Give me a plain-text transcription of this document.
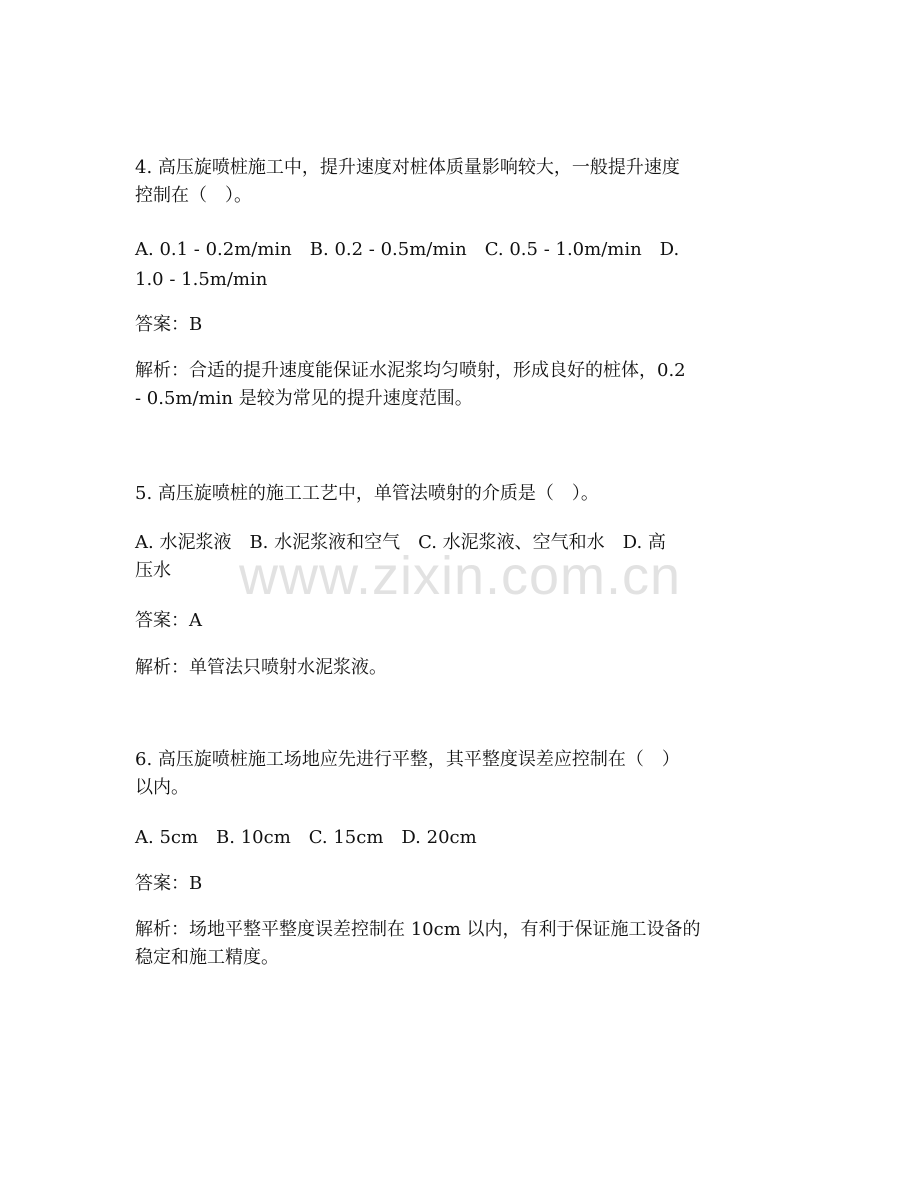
www.zixin.com.cn
4. 高压旋喷桩施工中，提升速度对桩体质量影响较大，一般提升速度
控制在（　）。
A. 0.1 - 0.2m/min　B. 0.2 - 0.5m/min　C. 0.5 - 1.0m/min　D.
1.0 - 1.5m/min
答案：B
解析：合适的提升速度能保证水泥浆均匀喷射，形成良好的桩体，0.2
- 0.5m/min 是较为常见的提升速度范围。
5. 高压旋喷桩的施工工艺中，单管法喷射的介质是（　）。
A. 水泥浆液　B. 水泥浆液和空气　C. 水泥浆液、空气和水　D. 高
压水
答案：A
解析：单管法只喷射水泥浆液。
6. 高压旋喷桩施工场地应先进行平整，其平整度误差应控制在（　）
以内。
A. 5cm　B. 10cm　C. 15cm　D. 20cm
答案：B
解析：场地平整平整度误差控制在 10cm 以内，有利于保证施工设备的
稳定和施工精度。
